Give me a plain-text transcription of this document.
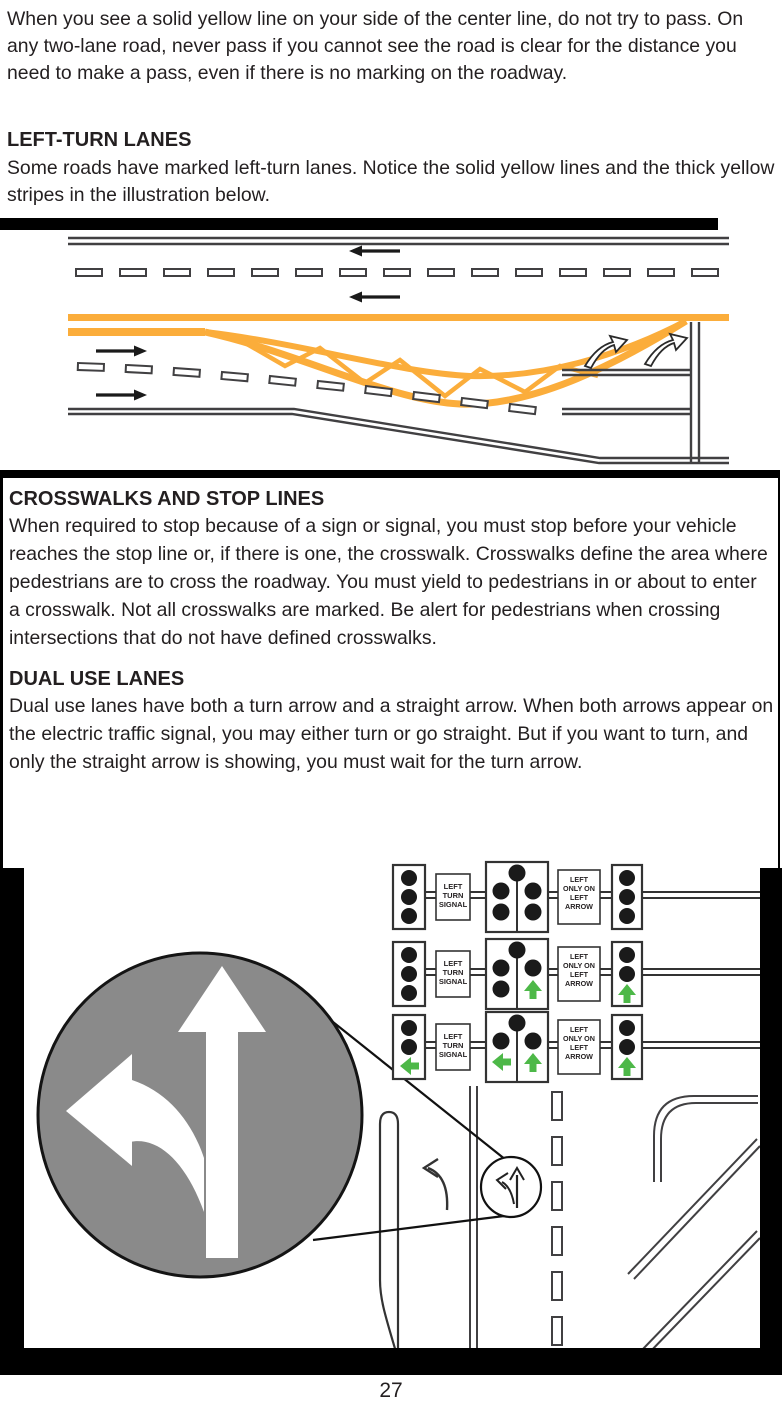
When you see a solid yellow line on your side of the center line, do not try to pass. On any two-lane road, never pass if you cannot see the road is clear for the distance you need to make a pass, even if there is no marking on the roadway.
LEFT-TURN LANES
Some roads have marked left-turn lanes. Notice the solid yellow lines and the thick yellow stripes in the illustration below.

CROSSWALKS AND STOP LINES

When required to stop because of a sign or signal, you must stop before your vehicle reaches the stop line or, if there is one, the crosswalk. Crosswalks define the area where pedestrians are to cross the roadway. You must yield to pedestrians in or about to enter a crosswalk. Not all crosswalks are marked. Be alert for pedestrians when crossing intersections that do not have defined crosswalks.

DUAL USE LANES

Dual use lanes have both a turn arrow and a straight arrow. When both arrows appear on the electric traffic signal, you may either turn or go straight. But if you want to turn, and only the straight arrow is showing, you must wait for the turn arrow.

LEFT
TURN
SIGNAL
LEFT
ONLY ON
LEFT
ARROW
LEFT
TURN
SIGNAL
LEFT
ONLY ON
LEFT
ARROW
LEFT
TURN
SIGNAL
LEFT
ONLY ON
LEFT
ARROW
27
